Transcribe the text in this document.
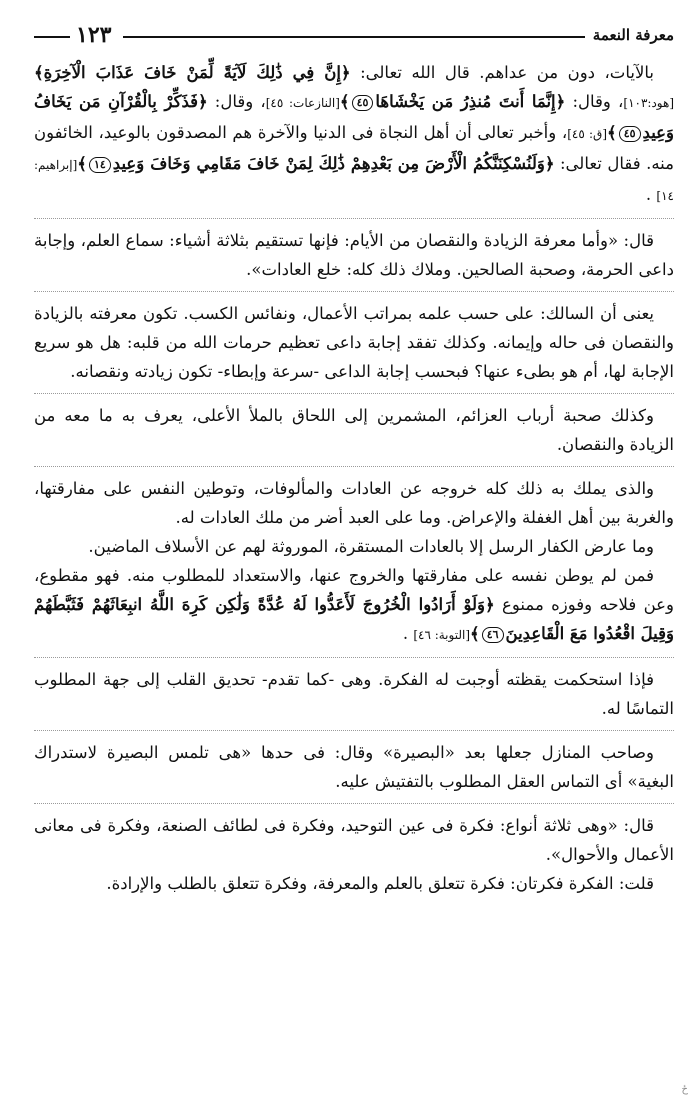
معرفة النعمة
١٢٣

بالآيات، دون من عداهم. قال الله تعالى: ﴿إِنَّ فِي ذَٰلِكَ لَآيَةً لِّمَنْ خَافَ عَذَابَ الْآخِرَةِ﴾ [هود:١٠٣]، وقال: ﴿إِنَّمَا أَنتَ مُنذِرُ مَن يَخْشَاهَا٤٥﴾[النازعات: ٤٥]، وقال: ﴿فَذَكِّرْ بِالْقُرْآنِ مَن يَخَافُ وَعِيدِ٤٥﴾[ق: ٤٥]، وأخبر تعالى أن أهل النجاة فى الدنيا والآخرة هم المصدقون بالوعيد، الخائفون منه. فقال تعالى: ﴿وَلَنُسْكِنَنَّكُمُ الْأَرْضَ مِن بَعْدِهِمْ ذَٰلِكَ لِمَنْ خَافَ مَقَامِي وَخَافَ وَعِيدِ١٤﴾[إبراهيم: ١٤] .

قال: «وأما معرفة الزيادة والنقصان من الأيام: فإنها تستقيم بثلاثة أشياء: سماع العلم، وإجابة داعى الحرمة، وصحبة الصالحين. وملاك ذلك كله: خلع العادات».

يعنى أن السالك: على حسب علمه بمراتب الأعمال، ونفائس الكسب. تكون معرفته بالزيادة والنقصان فى حاله وإيمانه. وكذلك تفقد إجابة داعى تعظيم حرمات الله من قلبه: هل هو سريع الإجابة لها، أم هو بطىء عنها؟ فبحسب إجابة الداعى -سرعة وإبطاء- تكون زيادته ونقصانه.

وكذلك صحبة أرباب العزائم، المشمرين إلى اللحاق بالملأ الأعلى، يعرف به ما معه من الزيادة والنقصان.

والذى يملك به ذلك كله خروجه عن العادات والمألوفات، وتوطين النفس على مفارقتها، والغربة بين أهل الغفلة والإعراض. وما على العبد أضر من ملك العادات له.

وما عارض الكفار الرسل إلا بالعادات المستقرة، الموروثة لهم عن الأسلاف الماضين.

فمن لم يوطن نفسه على مفارقتها والخروج عنها، والاستعداد للمطلوب منه. فهو مقطوع، وعن فلاحه وفوزه ممنوع ﴿وَلَوْ أَرَادُوا الْخُرُوجَ لَأَعَدُّوا لَهُ عُدَّةً وَلَٰكِن كَرِهَ اللَّهُ انبِعَاثَهُمْ فَثَبَّطَهُمْ وَقِيلَ اقْعُدُوا مَعَ الْقَاعِدِينَ٤٦﴾[التوبة: ٤٦] .

فإذا استحكمت يقظته أوجبت له الفكرة. وهى -كما تقدم- تحديق القلب إلى جهة المطلوب التماسًا له.

وصاحب المنازل جعلها بعد «البصيرة» وقال: فى حدها «هى تلمس البصيرة لاستدراك البغية» أى التماس العقل المطلوب بالتفتيش عليه.

قال: «وهى ثلاثة أنواع: فكرة فى عين التوحيد، وفكرة فى لطائف الصنعة، وفكرة فى معانى الأعمال والأحوال».

قلت: الفكرة فكرتان: فكرة تتعلق بالعلم والمعرفة، وفكرة تتعلق بالطلب والإرادة.

ځ
